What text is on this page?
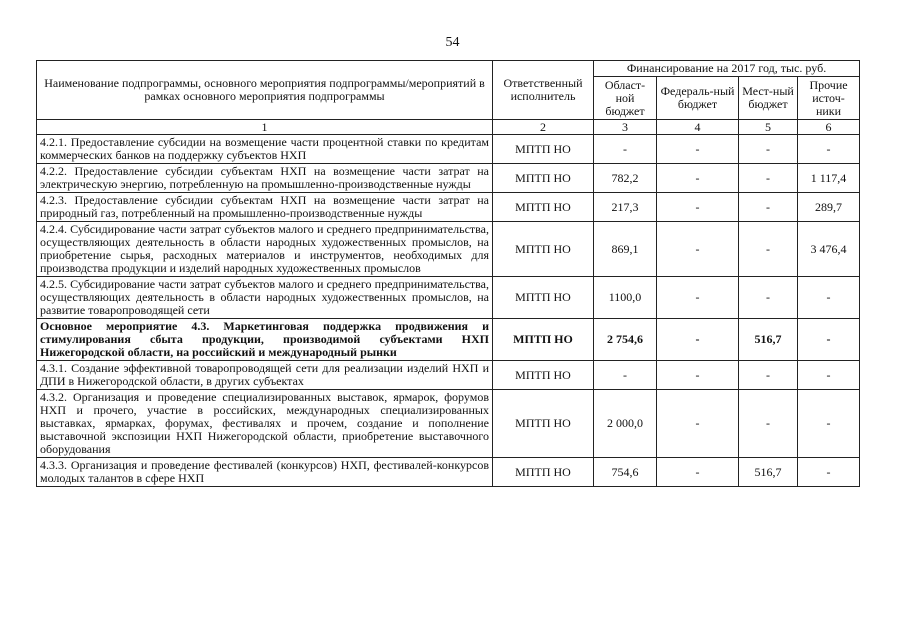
54
Наименование подпрограммы, основного мероприятия подпрограммы/мероприятий в рамках основного мероприятия подпрограммы	Ответственный исполнитель	Финансирование на 2017 год, тыс. руб.			
		Област-ной бюджет	Федераль-ный бюджет	Мест-ный бюджет	Прочие источ-ники
1	2	3	4	5	6
4.2.1. Предоставление субсидии на возмещение части процентной ставки по кредитам коммерческих банков на поддержку субъектов НХП	МПТП НО	-	-	-	-
4.2.2. Предоставление субсидии субъектам НХП на возмещение части затрат на электрическую энергию, потребленную на промышленно-производственные нужды	МПТП НО	782,2	-	-	1 117,4
4.2.3. Предоставление субсидии субъектам НХП на возмещение части затрат на природный газ, потребленный на промышленно-производственные нужды	МПТП НО	217,3	-	-	289,7
4.2.4. Субсидирование части затрат субъектов малого и среднего предпринимательства, осуществляющих деятельность в области народных художественных промыслов, на приобретение сырья, расходных материалов и инструментов, необходимых для производства продукции и изделий народных художественных промыслов	МПТП НО	869,1	-	-	3 476,4
4.2.5. Субсидирование части затрат субъектов малого и среднего предпринимательства, осуществляющих деятельность в области народных художественных промыслов, на развитие товаропроводящей сети	МПТП НО	1100,0	-	-	-
Основное мероприятие 4.3. Маркетинговая поддержка продвижения и стимулирования сбыта продукции, производимой субъектами НХП Нижегородской области, на российский и международный рынки	МПТП НО	2 754,6	-	516,7	-
4.3.1. Создание эффективной товаропроводящей сети для реализации изделий НХП и ДПИ в Нижегородской области, в других субъектах	МПТП НО	-	-	-	-
4.3.2. Организация и проведение специализированных выставок, ярмарок, форумов НХП и прочего, участие в российских, международных специализированных выставках, ярмарках, форумах, фестивалях и прочем, создание и пополнение выставочной экспозиции НХП Нижегородской области, приобретение выставочного оборудования	МПТП НО	2 000,0	-	-	-
4.3.3. Организация и проведение фестивалей (конкурсов) НХП, фестивалей-конкурсов молодых талантов в сфере НХП	МПТП НО	754,6	-	516,7	-
